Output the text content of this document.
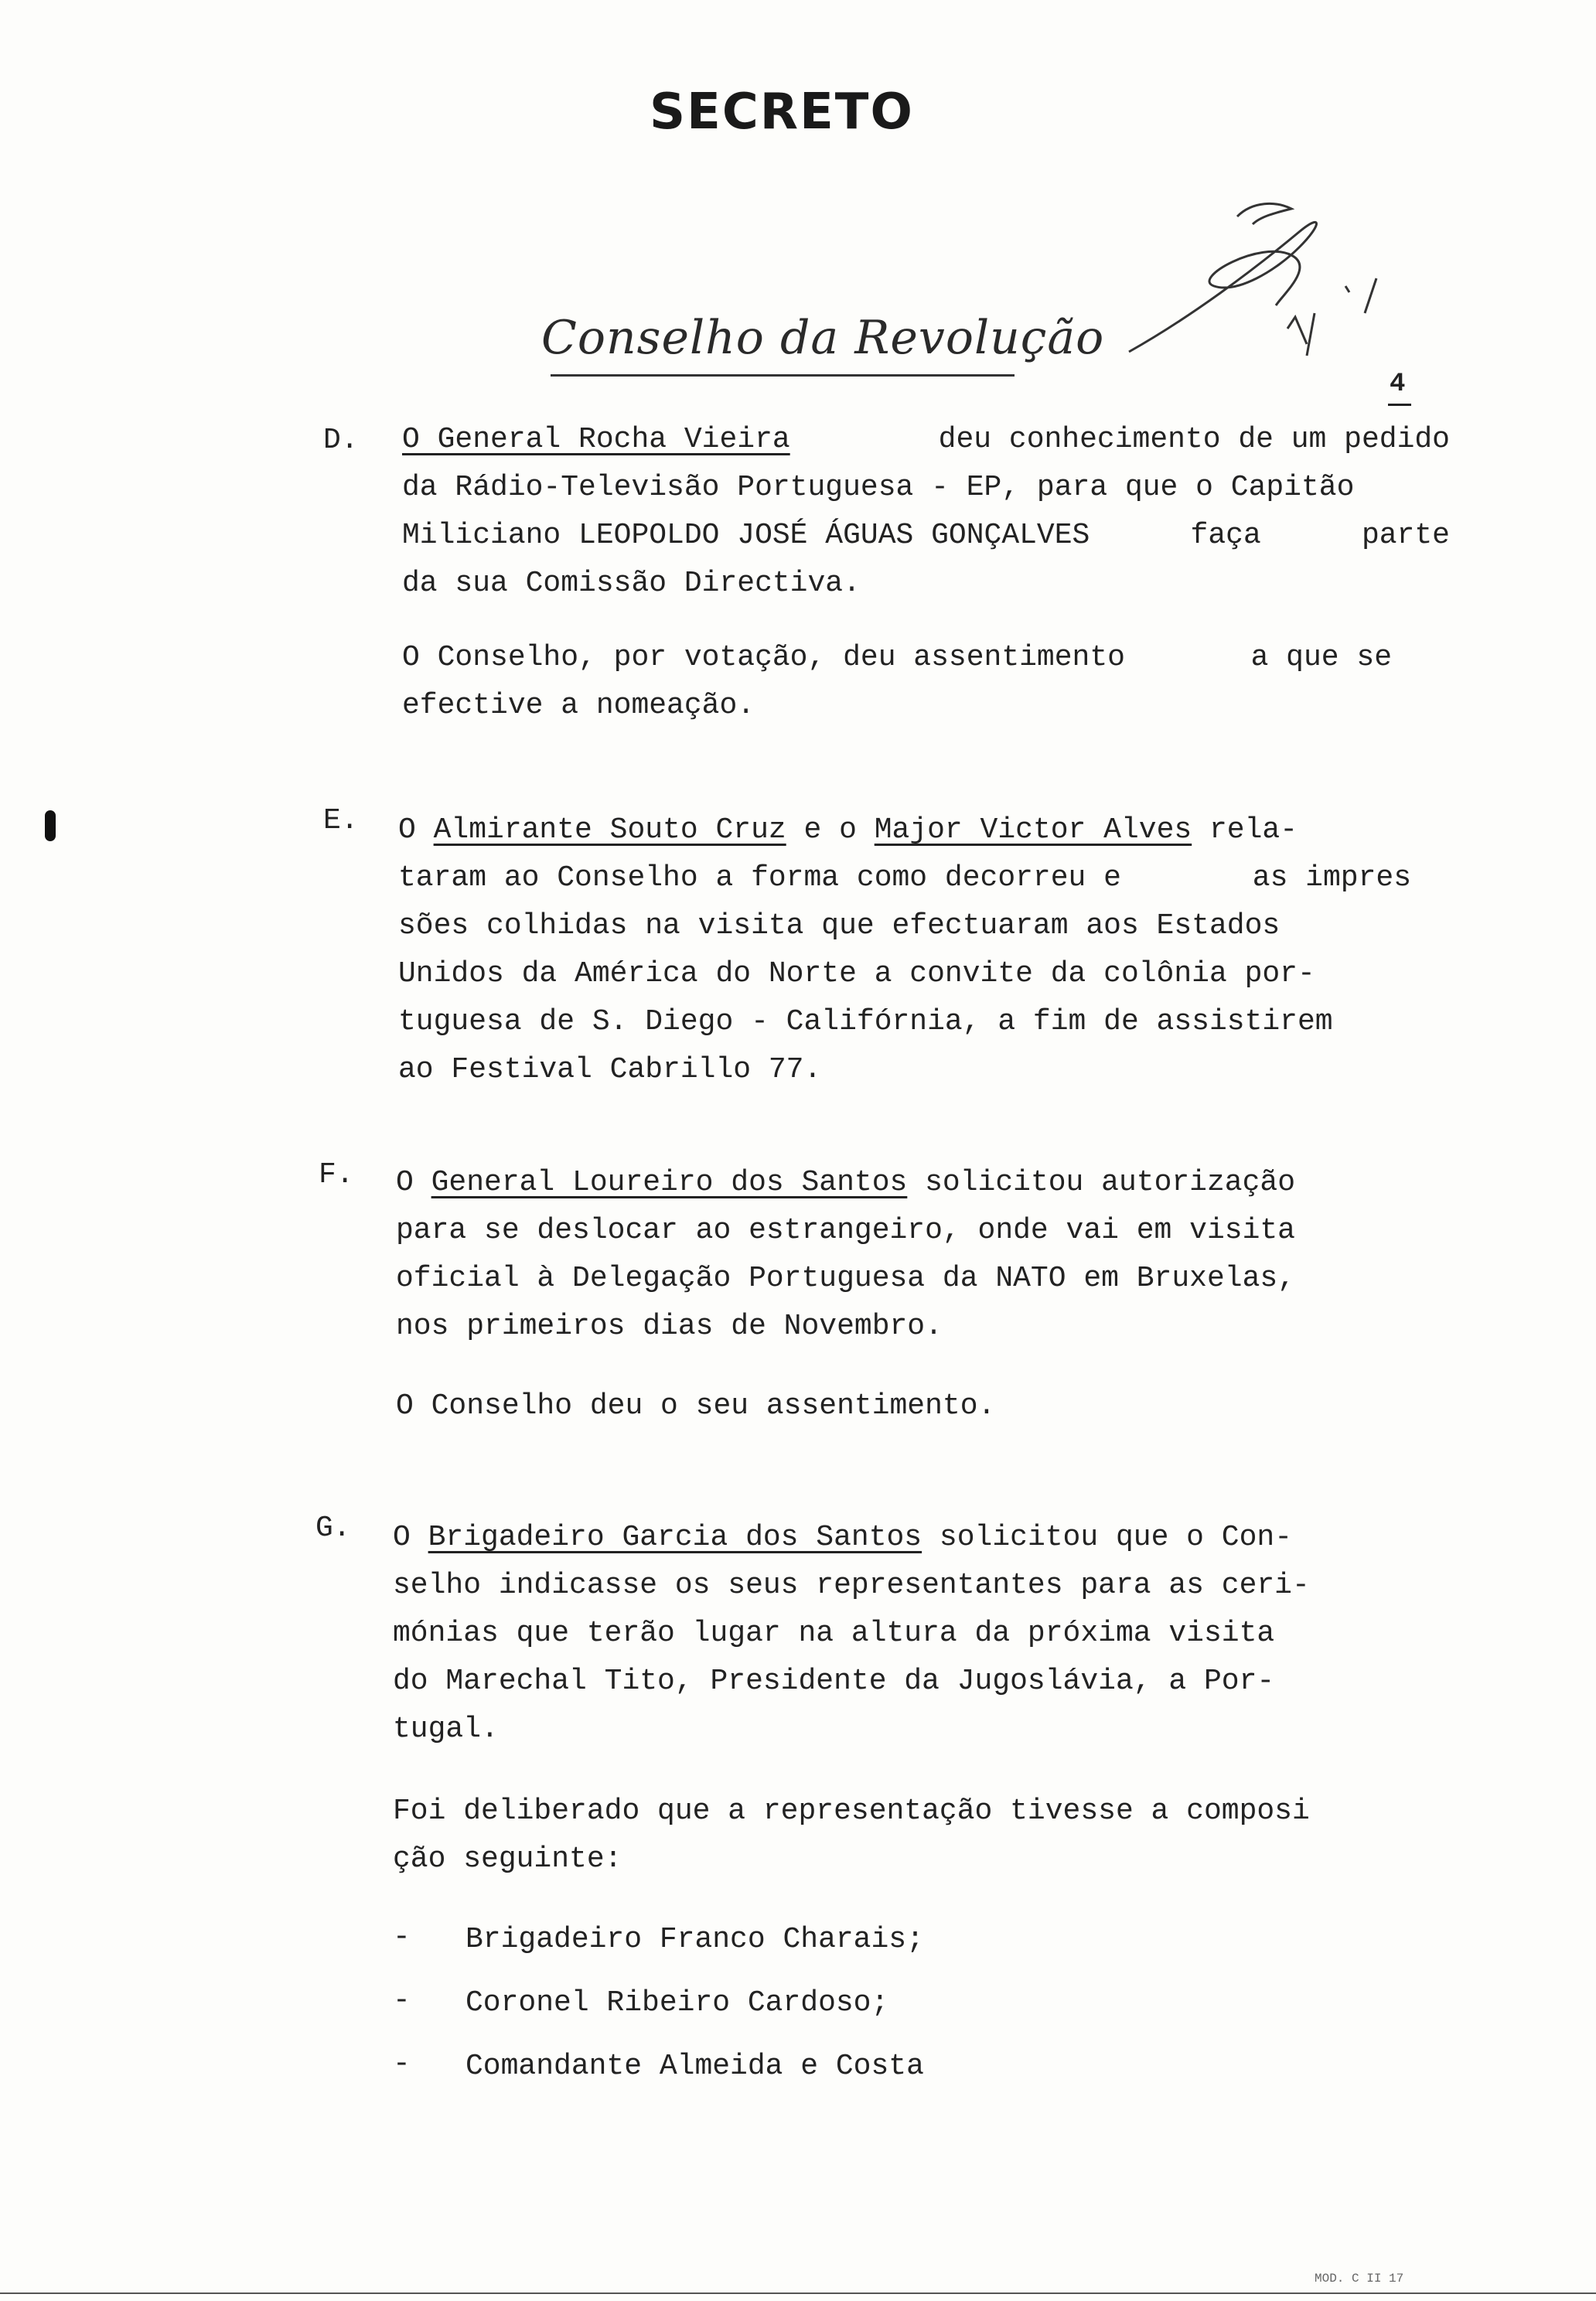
SECRETO
Conselho da Revolução
4
D. O General Rocha Vieira	deu conhecimento de um pedido
da Rádio-Televisão Portuguesa - EP, para que o Capitão
Miliciano LEOPOLDO JOSÉ ÁGUAS GONÇALVES	faça	parte
da sua Comissão Directiva.
O Conselho, por votação, deu assentimento	a que se
efective a nomeação.
E. O Almirante Souto Cruz e o Major Victor Alves rela-
taram ao Conselho a forma como decorreu e	as impres
sões colhidas na visita que efectuaram aos Estados
Unidos da América do Norte a convite da colônia por-
tuguesa de S. Diego - Califórnia, a fim de assistirem
ao Festival Cabrillo 77.
F. O General Loureiro dos Santos solicitou autorização
para se deslocar ao estrangeiro, onde vai em visita
oficial à Delegação Portuguesa da NATO em Bruxelas,
nos primeiros dias de Novembro.
O Conselho deu o seu assentimento.
G. O Brigadeiro Garcia dos Santos solicitou que o Con-
selho indicasse os seus representantes para as ceri-
mónias que terão lugar na altura da próxima visita
do Marechal Tito, Presidente da Jugoslávia, a Por-
tugal.
Foi deliberado que a representação tivesse a composi
ção seguinte:
- Brigadeiro Franco Charais;
- Coronel Ribeiro Cardoso;
- Comandante Almeida e Costa
MOD. C II 17
